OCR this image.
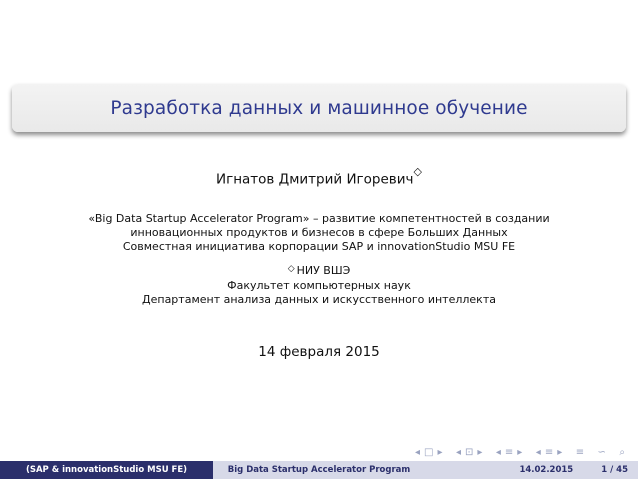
Разработка данных и машинное обучение
Игнатов Дмитрий Игоревич◇
«Big Data Startup Accelerator Program» – развитие компетентностей в создании
инновационных продуктов и бизнесов в сфере Больших Данных
Совместная инициатива корпорации SAP и innovationStudio MSU FE
◇ НИУ ВШЭ
Факультет компьютерных наук
Департамент анализа данных и искусственного интеллекта
14 февраля 2015
◂ □ ▸ ◂ ⊡ ▸ ◂ ≡ ▸ ◂ ≡ ▸ ≡ ∽ ⌕
(SAP & innovationStudio MSU FE)	Big Data Startup Accelerator Program	14.02.2015	1 / 45
